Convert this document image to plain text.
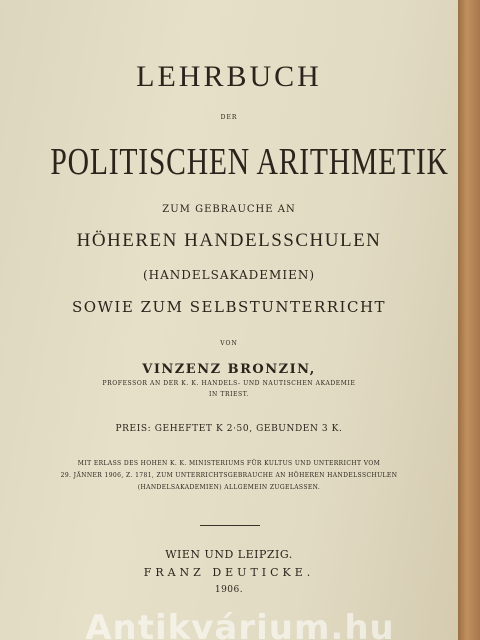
LEHRBUCH
DER
POLITISCHEN ARITHMETIK
ZUM GEBRAUCHE AN
HÖHEREN HANDELSSCHULEN
(HANDELSAKADEMIEN)
SOWIE ZUM SELBSTUNTERRICHT
VON
VINZENZ BRONZIN,
PROFESSOR AN DER K. K. HANDELS- UND NAUTISCHEN AKADEMIE
IN TRIEST.
PREIS: GEHEFTET K 2·50, GEBUNDEN 3 K.
MIT ERLASS DES HOHEN K. K. MINISTERIUMS FÜR KULTUS UND UNTERRICHT VOM
29. JÄNNER 1906, Z. 1781, ZUM UNTERRICHTSGEBRAUCHE AN HÖHEREN HANDELSSCHULEN
(HANDELSAKADEMIEN) ALLGEMEIN ZUGELASSEN.
WIEN UND LEIPZIG.
FRANZ DEUTICKE.
1906.
Antikvárium.hu
